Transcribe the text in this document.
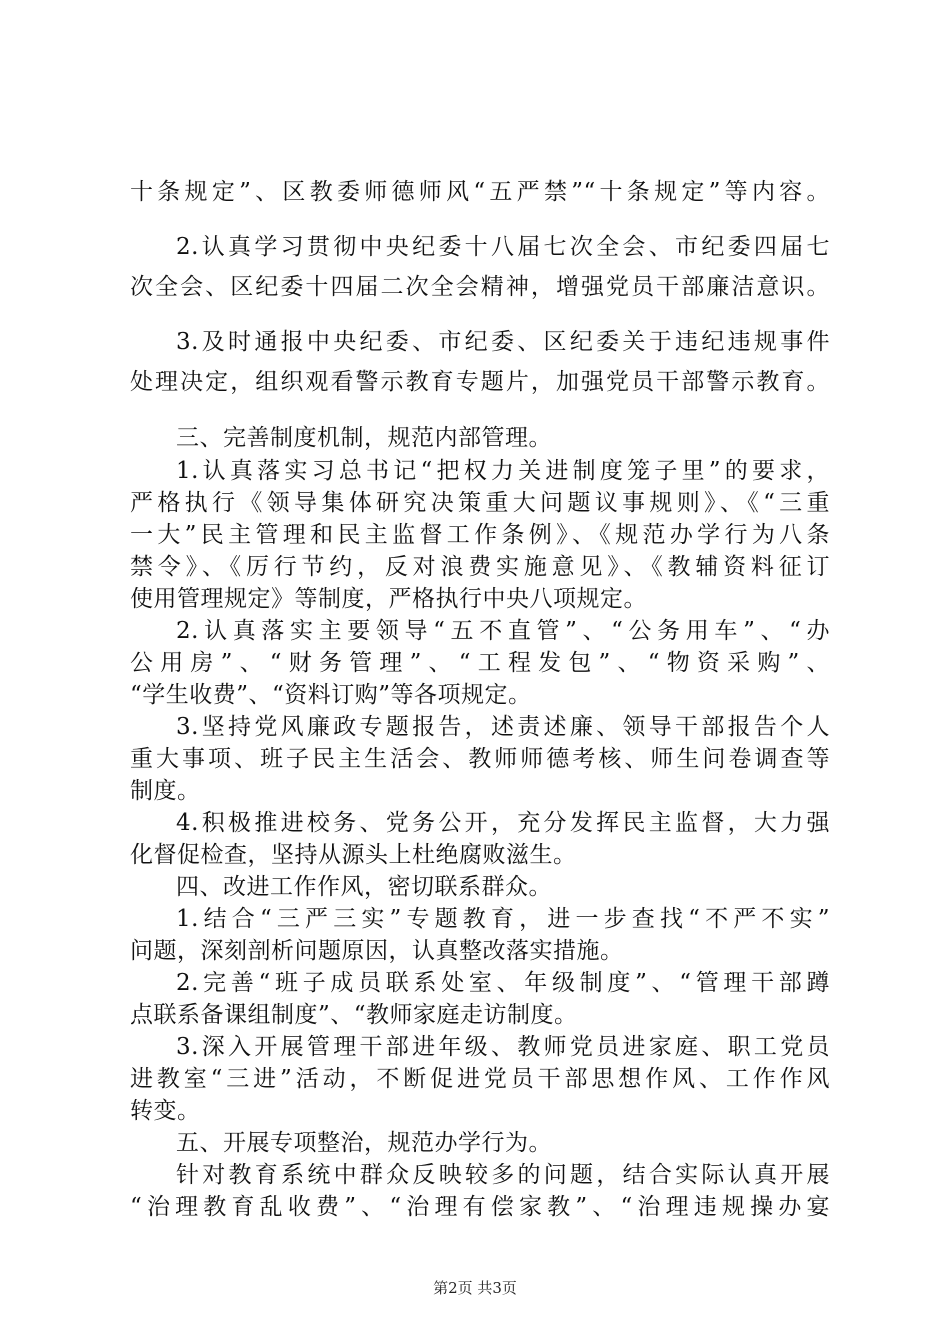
十条规定”、区教委师德师风“五严禁”“十条规定”等内容。
2.认真学习贯彻中央纪委十八届七次全会、市纪委四届七
次全会、区纪委十四届二次全会精神，增强党员干部廉洁意识。
3.及时通报中央纪委、市纪委、区纪委关于违纪违规事件
处理决定，组织观看警示教育专题片，加强党员干部警示教育。
三、完善制度机制，规范内部管理。
1.认真落实习总书记“把权力关进制度笼子里”的要求，
严格执行《领导集体研究决策重大问题议事规则》、《“三重
一大”民主管理和民主监督工作条例》、《规范办学行为八条
禁令》、《厉行节约，反对浪费实施意见》、《教辅资料征订
使用管理规定》等制度，严格执行中央八项规定。
2.认真落实主要领导“五不直管”、“公务用车”、“办
公用房”、“财务管理”、“工程发包”、“物资采购”、
“学生收费”、“资料订购”等各项规定。
3.坚持党风廉政专题报告，述责述廉、领导干部报告个人
重大事项、班子民主生活会、教师师德考核、师生问卷调查等
制度。
4.积极推进校务、党务公开，充分发挥民主监督，大力强
化督促检查，坚持从源头上杜绝腐败滋生。
四、改进工作作风，密切联系群众。
1.结合“三严三实”专题教育，进一步查找“不严不实”
问题，深刻剖析问题原因，认真整改落实措施。
2.完善“班子成员联系处室、年级制度”、“管理干部蹲
点联系备课组制度”、“教师家庭走访制度。
3.深入开展管理干部进年级、教师党员进家庭、职工党员
进教室“三进”活动，不断促进党员干部思想作风、工作作风
转变。
五、开展专项整治，规范办学行为。
针对教育系统中群众反映较多的问题，结合实际认真开展
“治理教育乱收费”、“治理有偿家教”、“治理违规操办宴
第2页 共3页
